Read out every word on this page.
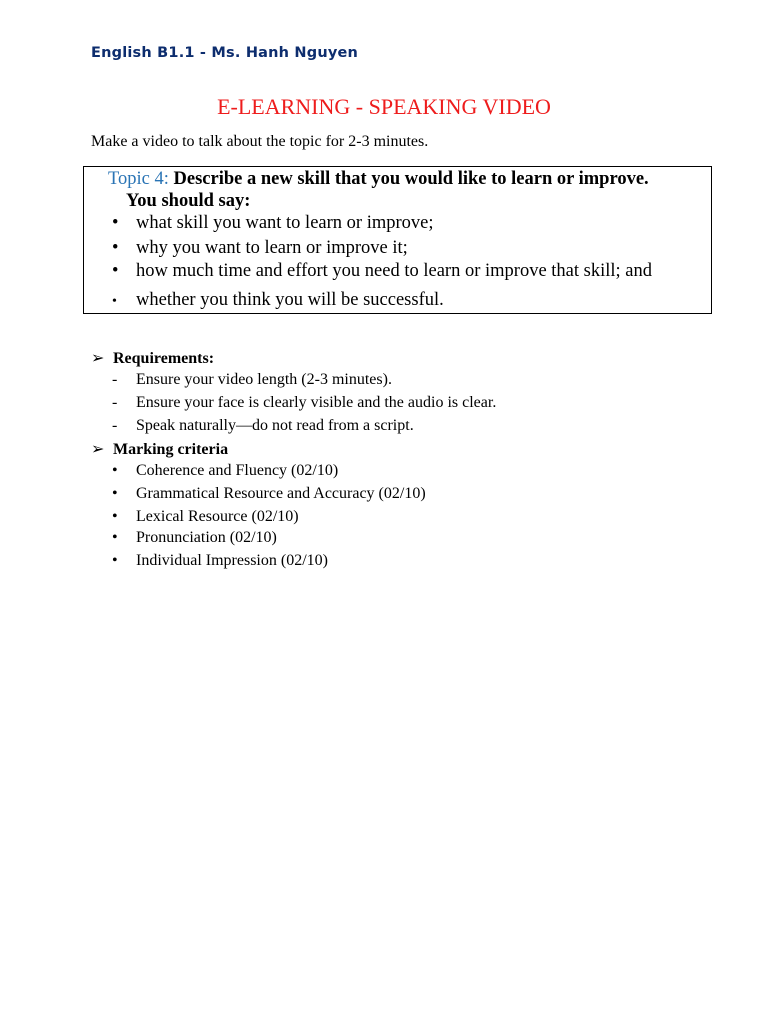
English B1.1 - Ms. Hanh Nguyen
E-LEARNING - SPEAKING VIDEO
Make a video to talk about the topic for 2-3 minutes.
Topic 4: Describe a new skill that you would like to learn or improve.
You should say:
• what skill you want to learn or improve;
• why you want to learn or improve it;
• how much time and effort you need to learn or improve that skill; and
• whether you think you will be successful.
➢ Requirements:
- Ensure your video length (2-3 minutes).
- Ensure your face is clearly visible and the audio is clear.
- Speak naturally—do not read from a script.
➢ Marking criteria
• Coherence and Fluency (02/10)
• Grammatical Resource and Accuracy (02/10)
• Lexical Resource (02/10)
• Pronunciation (02/10)
• Individual Impression (02/10)
